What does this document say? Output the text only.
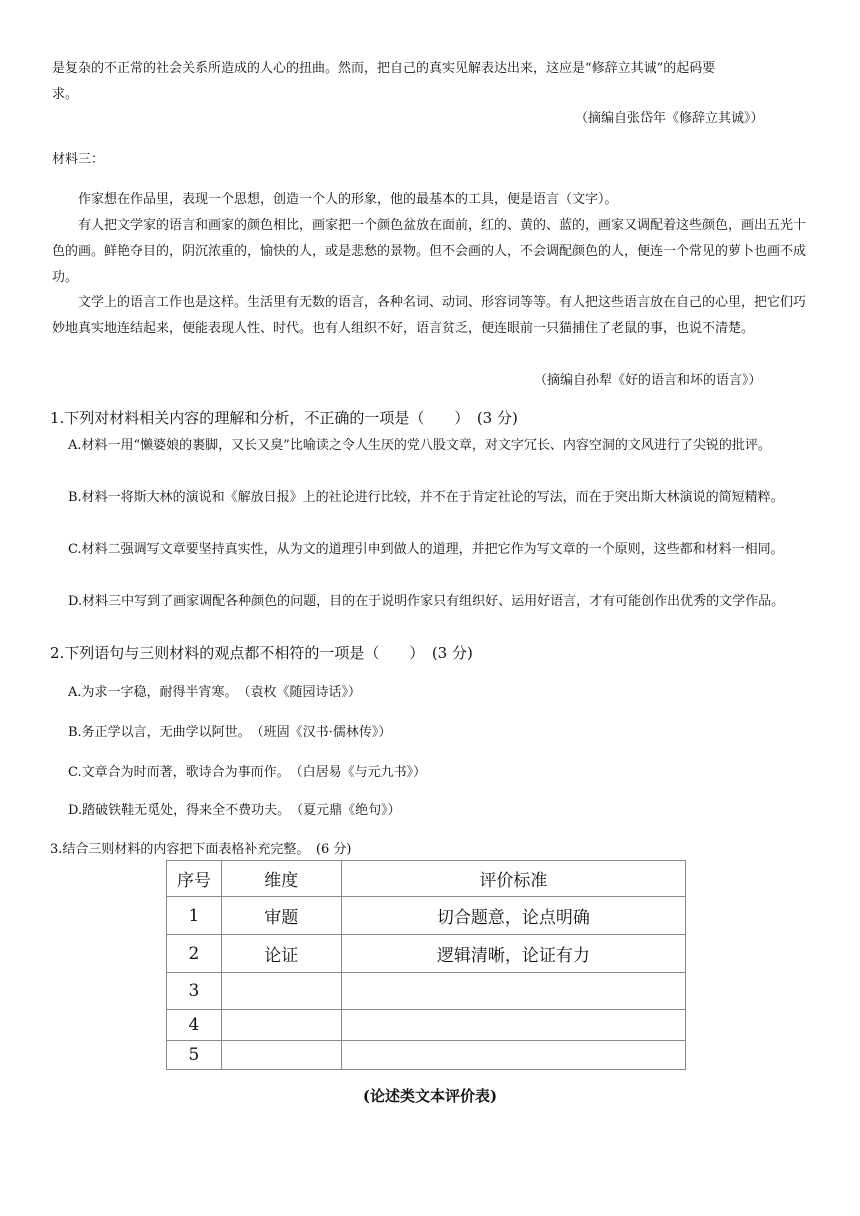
是复杂的不正常的社会关系所造成的人心的扭曲。然而，把自己的真实见解表达出来，这应是“修辞立其诚”的起码要
求。
（摘编自张岱年《修辞立其诚》）
材料三：
作家想在作品里，表现一个思想，创造一个人的形象，他的最基本的工具，便是语言（文字）。
有人把文学家的语言和画家的颜色相比，画家把一个颜色盆放在面前，红的、黄的、蓝的，画家又调配着这些颜色，画出五光十色的画。鲜艳夺目的，阴沉浓重的，愉快的人，或是悲愁的景物。但不会画的人，不会调配颜色的人，便连一个常见的萝卜也画不成功。
文学上的语言工作也是这样。生活里有无数的语言，各种名词、动词、形容词等等。有人把这些语言放在自己的心里，把它们巧妙地真实地连结起来，便能表现人性、时代。也有人组织不好，语言贫乏，便连眼前一只猫捕住了老鼠的事，也说不清楚。
（摘编自孙犁《好的语言和坏的语言》）
1.下列对材料相关内容的理解和分析，不正确的一项是（　　）　(3 分)
A.材料一用“懒婆娘的裹脚，又长又臭”比喻读之令人生厌的党八股文章，对文字冗长、内容空洞的文风进行了尖锐的批评。
B.材料一将斯大林的演说和《解放日报》上的社论进行比较，并不在于肯定社论的写法，而在于突出斯大林演说的简短精粹。
C.材料二强调写文章要坚持真实性，从为文的道理引申到做人的道理，并把它作为写文章的一个原则，这些都和材料一相同。
D.材料三中写到了画家调配各种颜色的问题，目的在于说明作家只有组织好、运用好语言，才有可能创作出优秀的文学作品。
2.下列语句与三则材料的观点都不相符的一项是（　　）　(3 分)
A.为求一字稳，耐得半宵寒。　（袁枚《随园诗话》）
B.务正学以言，无曲学以阿世。　（班固《汉书·儒林传》）
C.文章合为时而著，歌诗合为事而作。　（白居易《与元九书》）
D.踏破铁鞋无觅处，得来全不费功夫。　（夏元鼎《绝句》）
3.结合三则材料的内容把下面表格补充完整。　(6 分)
序号	维度	评价标准
1	审题	切合题意，论点明确
2	论证	逻辑清晰，论证有力
3		
4		
5		
(论述类文本评价表)
